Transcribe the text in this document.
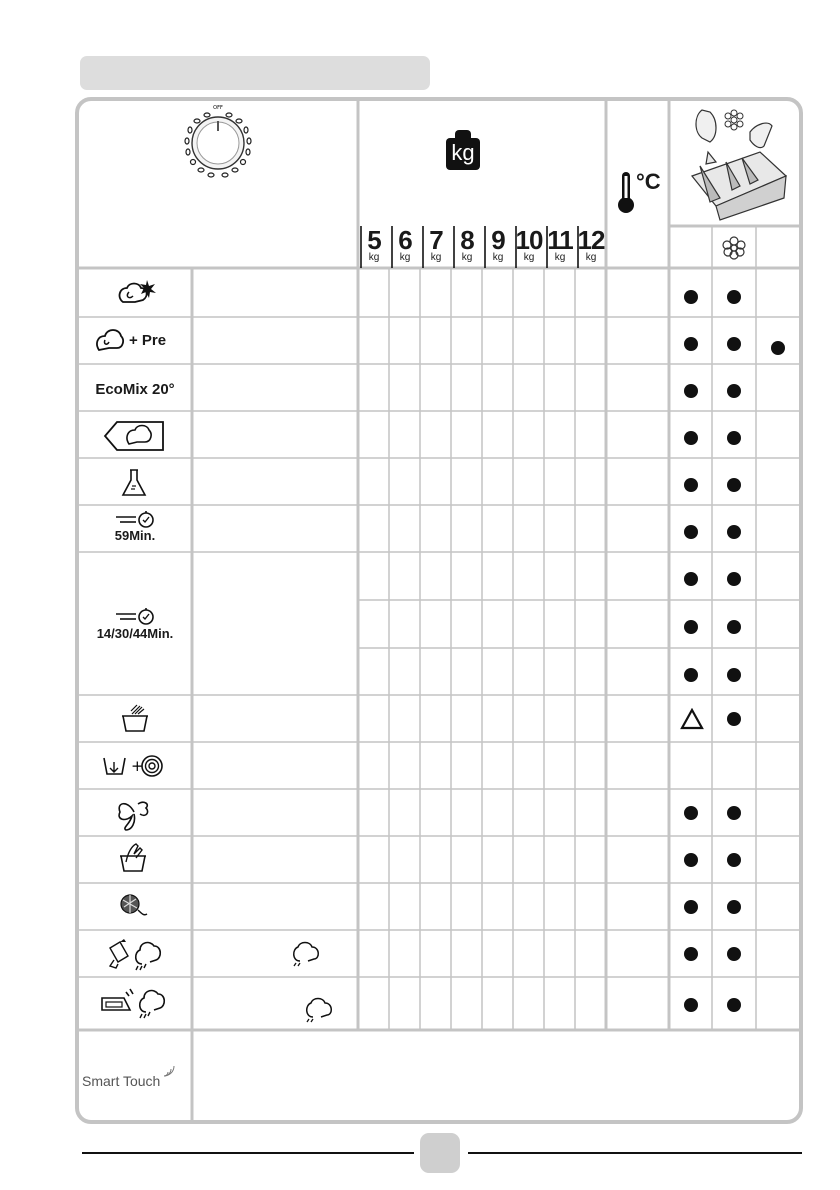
OFF
kg
5
kg
6
kg
7
kg
8
kg
9
kg
10
kg
11
kg
12
kg
°C
+ Pre
EcoMix 20°
59Min.
14/30/44Min.
+
Smart Touch
